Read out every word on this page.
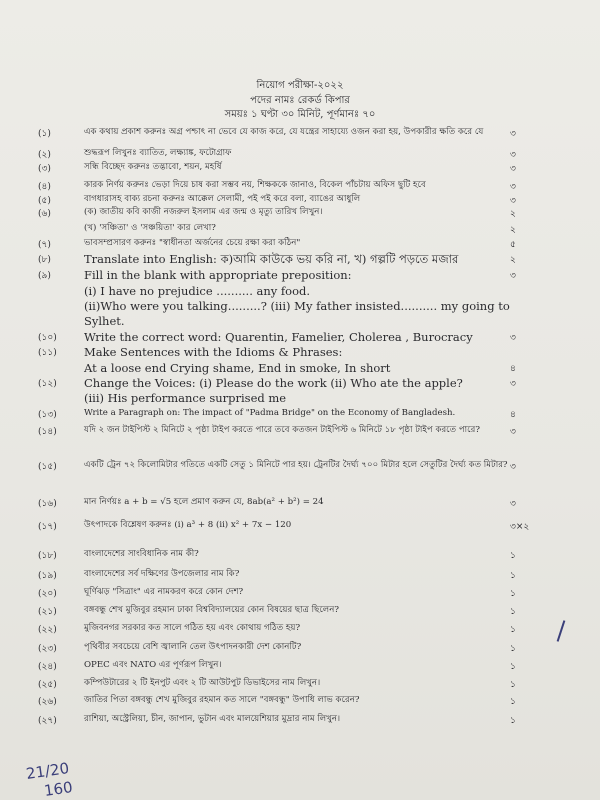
নিয়োগ পরীক্ষা-২০২২
পদের নামঃ রেকর্ড কিপার
সময়ঃ ১ ঘণ্টা ৩০ মিনিট, পূর্ণমানঃ ৭০
(১)	এক কথায় প্রকাশ করুনঃ অগ্র পশ্চাৎ না ভেবে যে কাজ করে, যে যন্ত্রের সাহায্যে ওজন করা হয়, উপকারীর ক্ষতি করে যে	৩
(২)	শুদ্ধরূপ লিখুনঃ ব্যাতিত, লক্ষ্যাঙ্ক, ফটোগ্রাফ	৩
(৩)	সন্ধি বিচ্ছেদ করুনঃ তদ্ভাবো, শয়ন, মহর্ষি	৩
(৪)	কারক নির্ণয় করুনঃ ভেড়া দিয়ে চাষ করা সম্ভব নয়, শিক্ষককে জানাও, বিকেল পাঁচটায় অফিস ছুটি হবে	৩
(৫)	বাগধারাসহ বাক্য রচনা করুনঃ আক্কেল সেলামী, পই পই করে বলা, ব্যাঙের আধুলি	৩
(৬)	(ক) জাতীয় কবি কাজী নজরুল ইসলাম এর জন্ম ও মৃত্যু তারিখ লিখুন।	২
(খ) 'সঞ্চিতা' ও 'সঞ্চয়িতা' কার লেখা?	২
(৭)	ভাবসম্প্রসারণ করুনঃ "স্বাধীনতা অর্জনের চেয়ে রক্ষা করা কঠিন"	৫
(৮)	Translate into English: ক)আমি কাউকে ভয় করি না, খ) গল্পটি পড়তে মজার	২
(৯)	Fill in the blank with appropriate preposition:	৩
(i) I have no prejudice .......... any food.
(ii)Who were you talking.........? (iii) My father insisted.......... my going to
Sylhet.
(১০) Write the correct word: Quarentin, Famelier, Cholerea , Burocracy	৩
(১১) Make Sentences with the Idioms & Phrases:
At a loose end Crying shame, End in smoke, In short	৪
(১২) Change the Voices: (i) Please do the work (ii) Who ate the apple?	৩
(iii) His performance surprised me
(১৩)	Write a Paragraph on: The impact of "Padma Bridge" on the Economy of Bangladesh.	৪
(১৪)	যদি ২ জন টাইপিস্ট ২ মিনিটে ২ পৃষ্ঠা টাইপ করতে পারে তবে কতজন টাইপিস্ট ৬ মিনিটে ১৮ পৃষ্ঠা টাইপ করতে পারে?	৩
(১৫)	একটি ট্রেন ৭২ কিলোমিটার গতিতে একটি সেতু ১ মিনিটে পার হয়। ট্রেনটির দৈর্ঘ্য ৭০০ মিটার হলে সেতুটির দৈর্ঘ্য কত মিটার? ৩
(১৬)	মান নির্ণয়ঃ a + b = √5 হলে প্রমাণ করুন যে, 8ab(a² + b²) = 24	৩
(১৭)	উৎপাদকে বিশ্লেষণ করুনঃ (i) a³ + 8 (ii) x² + 7x − 120	৩×২
(১৮)	বাংলাদেশের সাংবিধানিক নাম কী?	১
(১৯)	বাংলাদেশের সর্ব দক্ষিণের উপজেলার নাম কি?	১
(২০)	ঘূর্ণিঝড় "সিত্রাং" এর নামকরণ করে কোন দেশ?	১
(২১)	বঙ্গবন্ধু শেখ মুজিবুর রহমান ঢাকা বিশ্ববিদ্যালয়ের কোন বিষয়ের ছাত্র ছিলেন?	১
(২২)	মুজিবনগর সরকার কত সালে গঠিত হয় এবং কোথায় গঠিত হয়?	১
(২৩)	পৃথিবীর সবচেয়ে বেশি জ্বালানি তেল উৎপাদনকারী দেশ কোনটি?	১
(২৪)	OPEC এবং NATO এর পূর্ণরূপ লিখুন।	১
(২৫)	কম্পিউটারের ২ টি ইনপুট এবং ২ টি আউটপুট ডিভাইসের নাম লিখুন।	১
(২৬)	জাতির পিতা বঙ্গবন্ধু শেখ মুজিবুর রহমান কত সালে "বঙ্গবন্ধু" উপাধি লাভ করেন?	১
(২৭)	রাশিয়া, অস্ট্রেলিয়া, চীন, জাপান, ভুটান এবং মালয়েশিয়ার মুদ্রার নাম লিখুন।	১
21/20
160
